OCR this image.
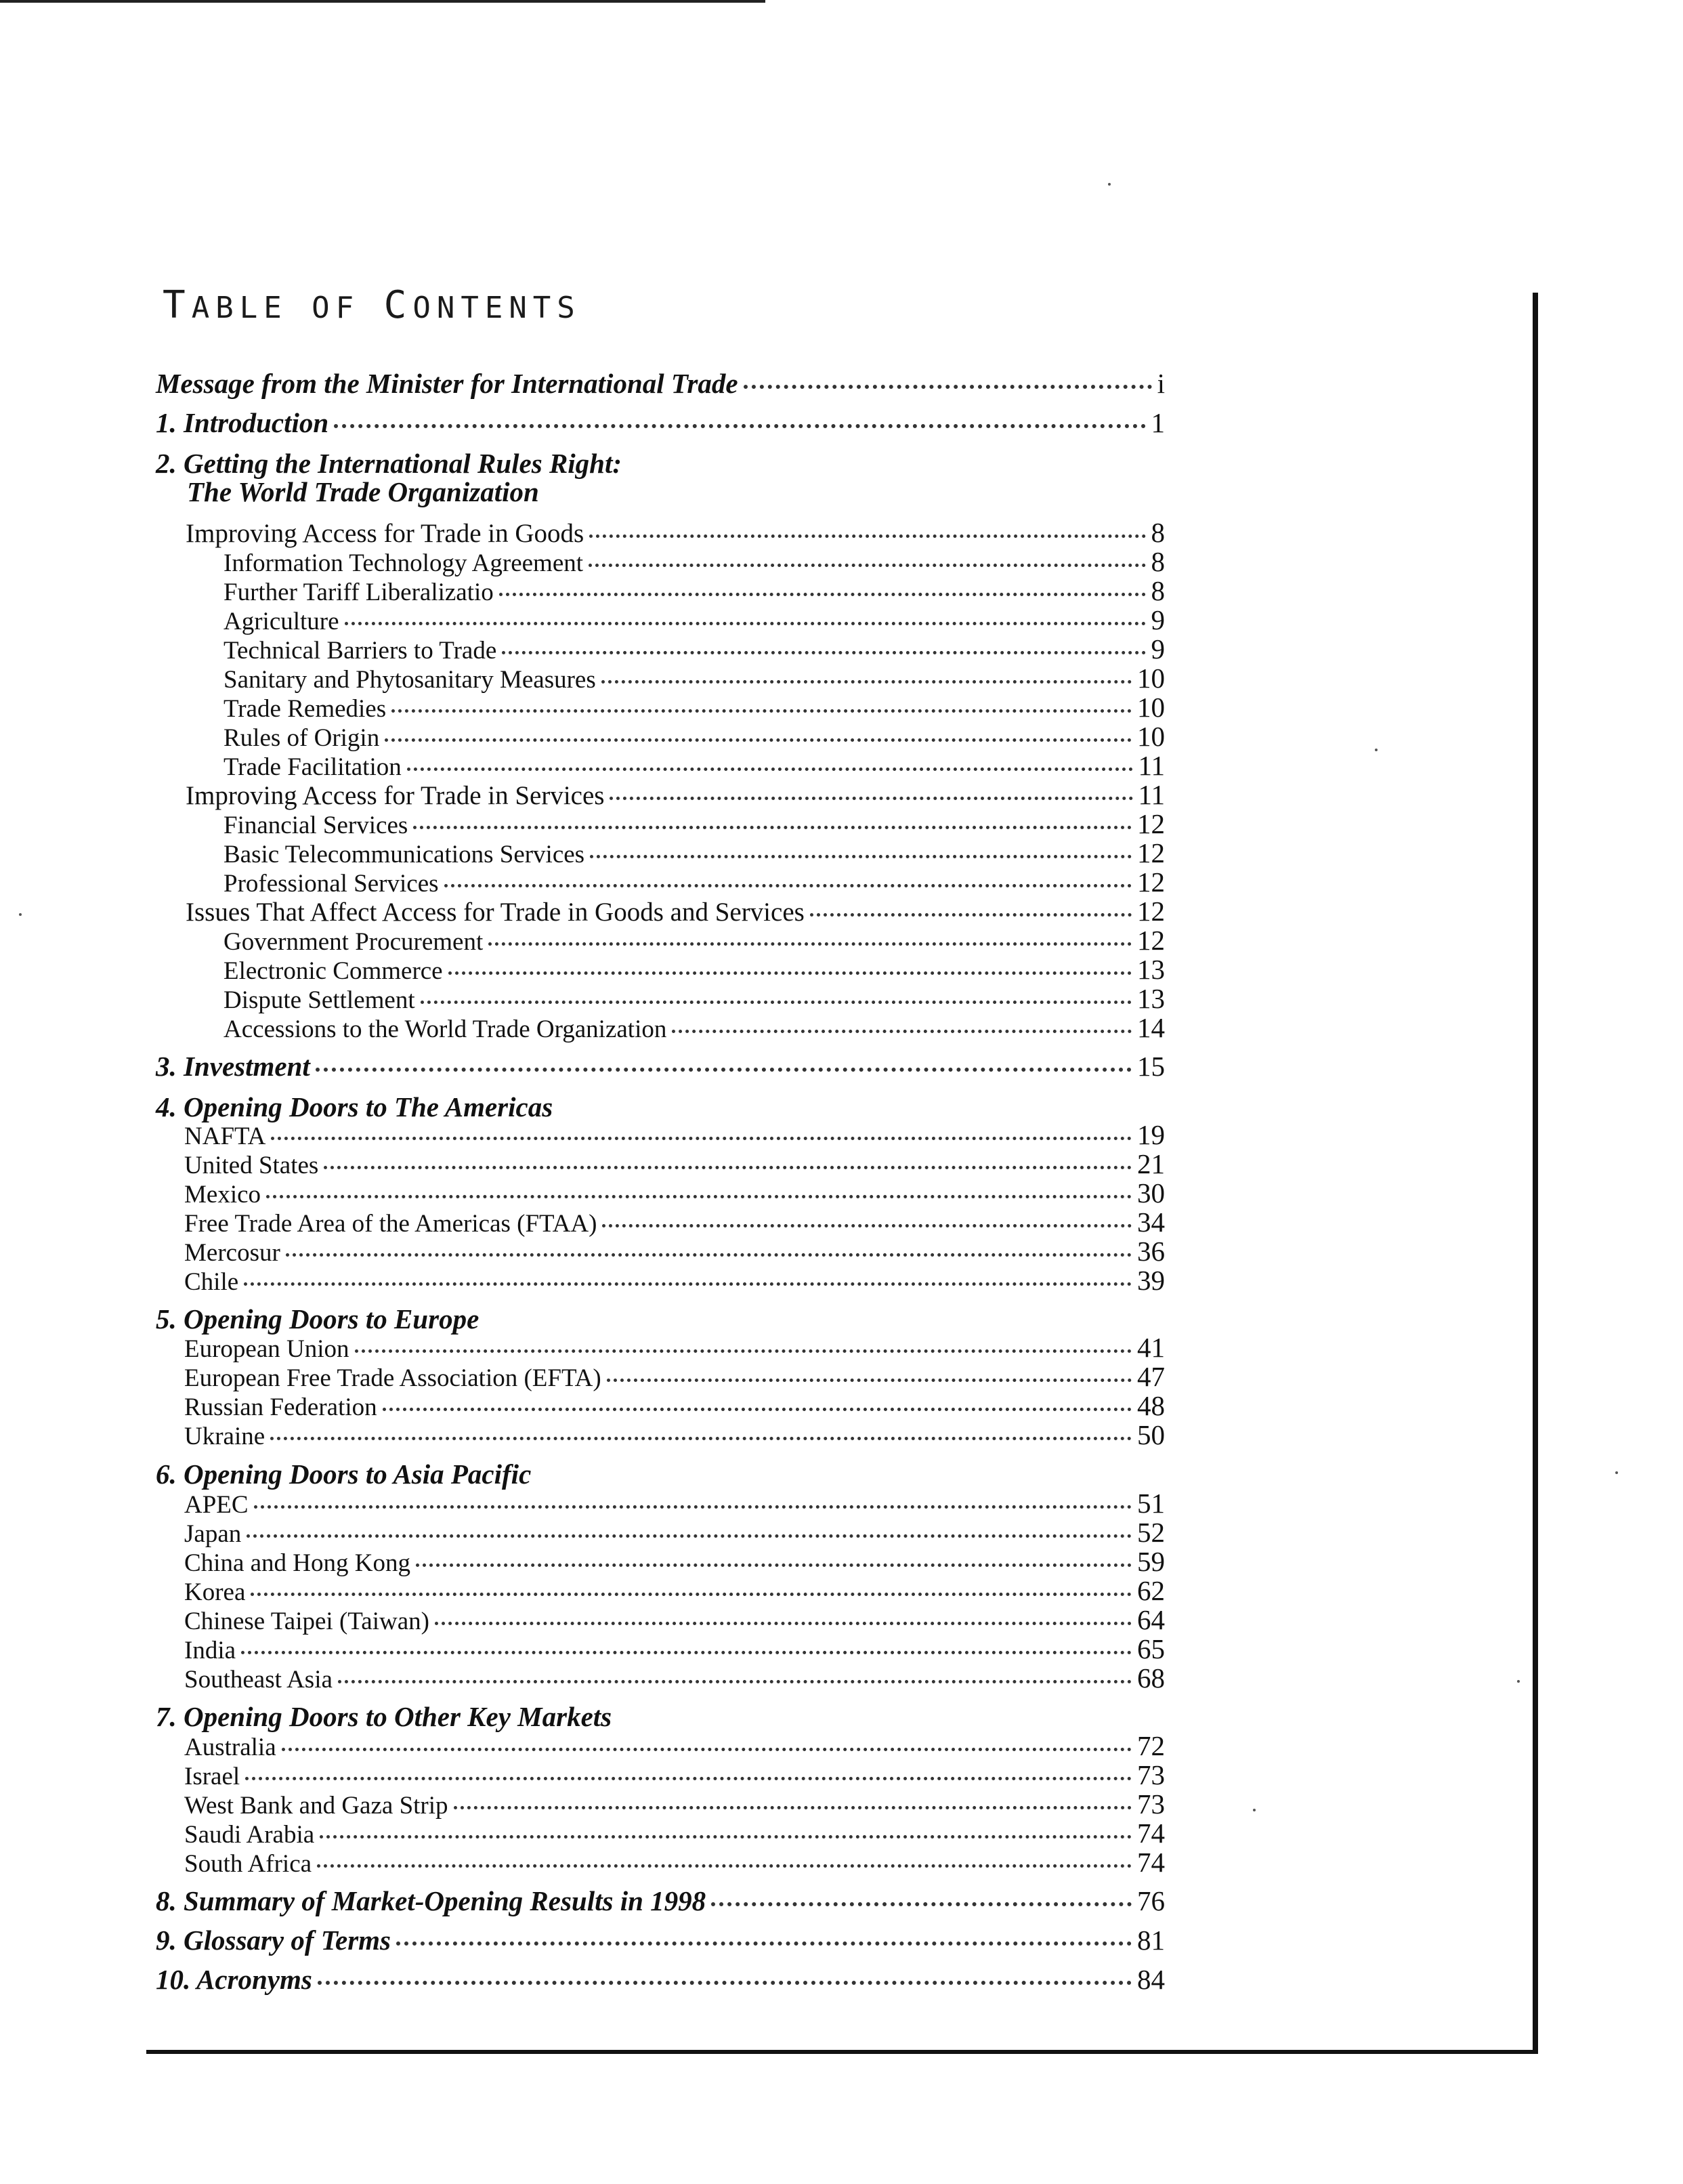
TABLE OF CONTENTS
Message from the Minister for International Trade	i
1. Introduction	1
2. Getting the International Rules Right:
The World Trade Organization
Improving Access for Trade in Goods	8
Information Technology Agreement	8
Further Tariff Liberalizatio	8
Agriculture	9
Technical Barriers to Trade	9
Sanitary and Phytosanitary Measures	10
Trade Remedies	10
Rules of Origin	10
Trade Facilitation	11
Improving Access for Trade in Services	11
Financial Services	12
Basic Telecommunications Services	12
Professional Services	12
Issues That Affect Access for Trade in Goods and Services	12
Government Procurement	12
Electronic Commerce	13
Dispute Settlement	13
Accessions to the World Trade Organization	14
3. Investment	15
4. Opening Doors to The Americas
NAFTA	19
United States	21
Mexico	30
Free Trade Area of the Americas (FTAA)	34
Mercosur	36
Chile	39
5. Opening Doors to Europe
European Union	41
European Free Trade Association (EFTA)	47
Russian Federation	48
Ukraine	50
6. Opening Doors to Asia Pacific
APEC	51
Japan	52
China and Hong Kong	59
Korea	62
Chinese Taipei (Taiwan)	64
India	65
Southeast Asia	68
7. Opening Doors to Other Key Markets
Australia	72
Israel	73
West Bank and Gaza Strip	73
Saudi Arabia	74
South Africa	74
8. Summary of Market-Opening Results in 1998	76
9. Glossary of Terms	81
10. Acronyms	84
